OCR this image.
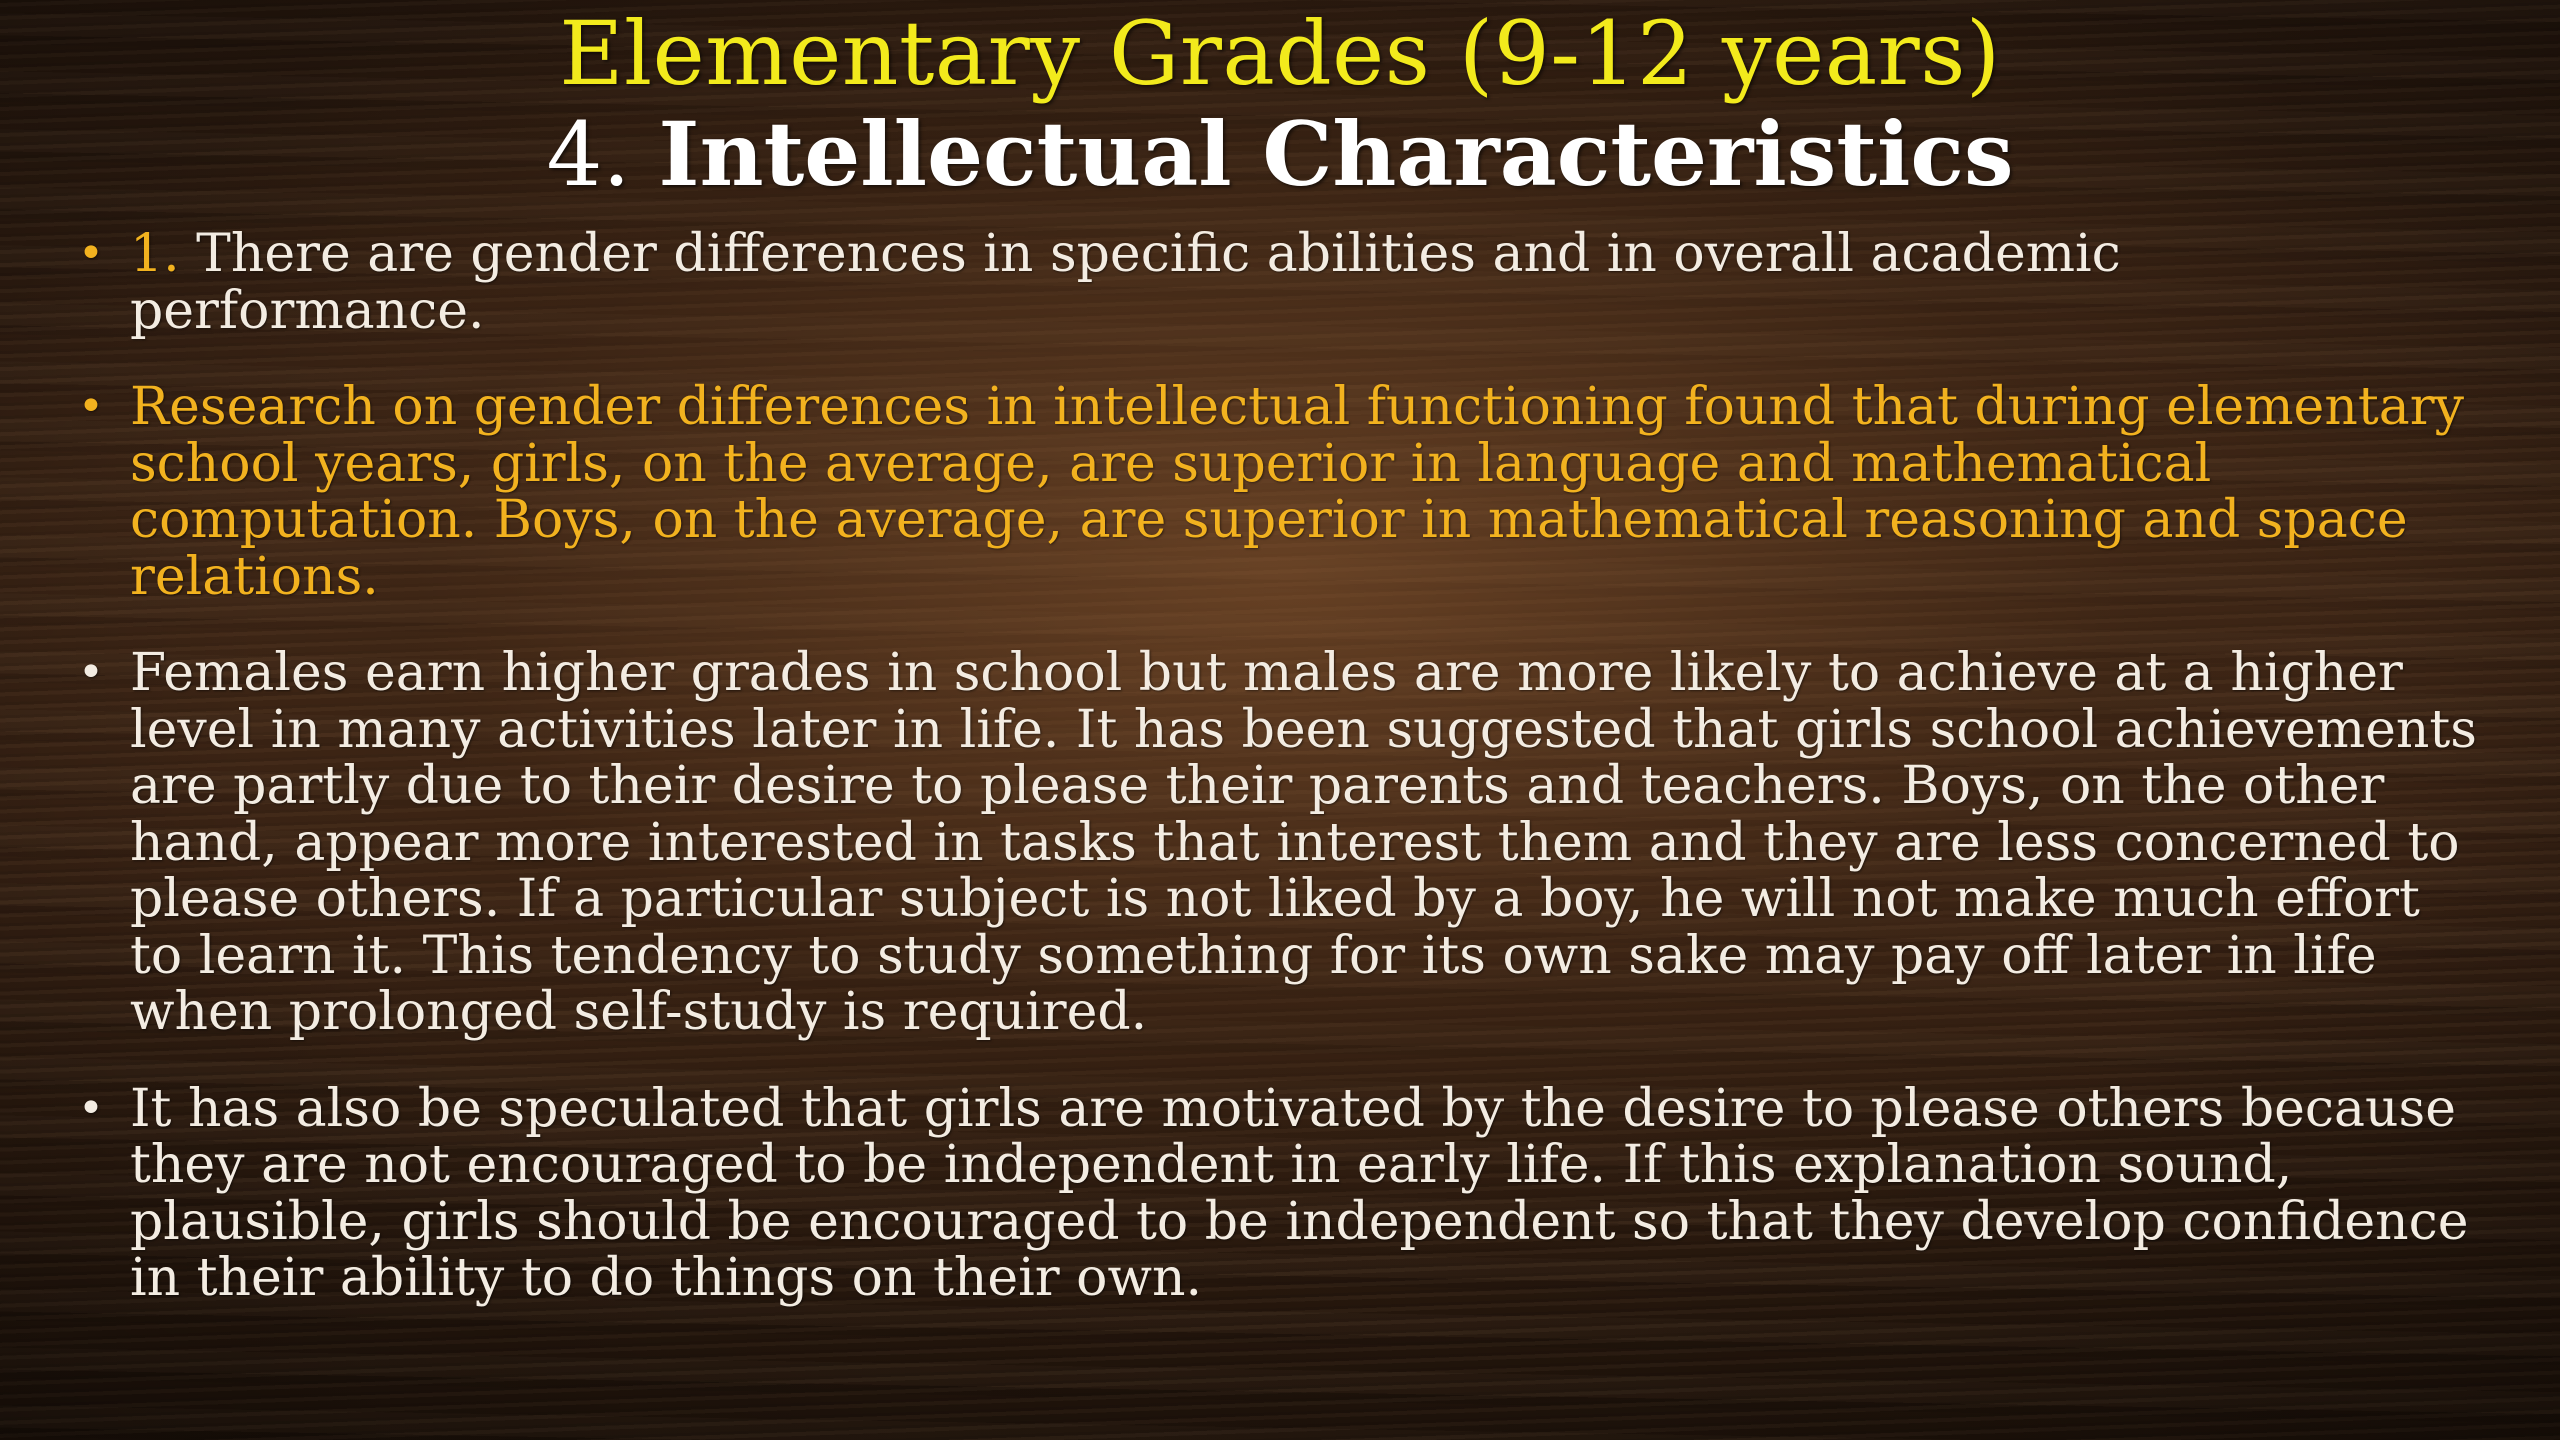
Elementary Grades (9-12 years)
4. Intellectual Characteristics
• 1. There are gender differences in specific abilities and in overall academic performance.
• Research on gender differences in intellectual functioning found that during elementary school years, girls, on the average, are superior in language and mathematical computation. Boys, on the average, are superior in mathematical reasoning and space relations.
• Females earn higher grades in school but males are more likely to achieve at a higher level in many activities later in life. It has been suggested that girls school achievements are partly due to their desire to please their parents and teachers. Boys, on the other hand, appear more interested in tasks that interest them and they are less concerned to please others. If a particular subject is not liked by a boy, he will not make much effort to learn it. This tendency to study something for its own sake may pay off later in life when prolonged self-study is required.
• It has also be speculated that girls are motivated by the desire to please others because they are not encouraged to be independent in early life. If this explanation sound, plausible, girls should be encouraged to be independent so that they develop confidence in their ability to do things on their own.
